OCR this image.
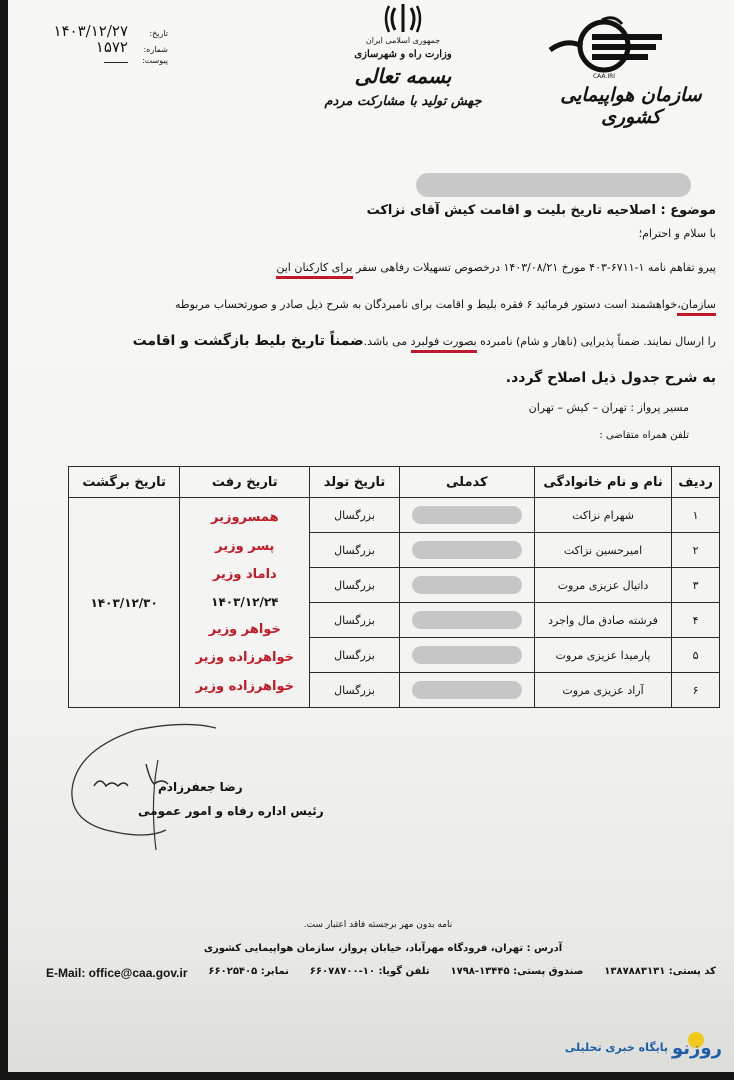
CAA.IRI
سازمان هواپیمایی کشوری
جمهوری اسلامی ایران
وزارت راه و شهرسازی
بسمه تعالی
جهش تولید با مشارکت مردم
تاریخ:
۱۴۰۳/۱۲/۲۷
شماره:
۱۵۷۲
پیوست:
موضوع : اصلاحیه تاریخ بلیت و اقامت کیش آقای نزاکت
با سلام و احترام؛
پیرو تفاهم نامه ۱-۶۷۱۱-۴۰۳ مورخ ۱۴۰۳/۰۸/۲۱ درخصوص تسهیلات رفاهی سفر برای کارکنان این
سازمان،خواهشمند است دستور فرمائید ۶ فقره بلیط و اقامت برای نامبردگان به شرح ذیل صادر و صورتحساب مربوطه
را ارسال نمایند. ضمناً پذیرایی (ناهار و شام) نامبرده بصورت فولبرد می باشد.ضمناً تاریخ بلیط بازگشت و اقامت
به شرح جدول ذیل اصلاح گردد.
مسیر پرواز : تهران – کیش – تهران
تلفن همراه متقاضی :
ردیف	نام و نام خانوادگی	کدملی	تاریخ تولد	تاریخ رفت	تاریخ برگشت
۱	شهرام نزاکت		بزرگسال	
همسروزیر
پسر وزیر
داماد وزیر
۱۴۰۳/۱۲/۲۴
خواهر وزیر
خواهرزاده وزیر
خواهرزاده وزیر
	۱۴۰۳/۱۲/۳۰
۲	امیرحسین نزاکت		بزرگسال		
۳	داتیال عزیزی مروت		بزرگسال		
۴	فرشته صادق مال واجرد		بزرگسال		
۵	پارمیدا عزیزی مروت		بزرگسال		
۶	آراد عزیزی مروت		بزرگسال		
رضا جعفرزادم
رئیس اداره رفاه و امور عمومی
نامه بدون مهر برجسته فاقد اعتبار ست.
آدرس : تهران، فرودگاه مهرآباد، خیابان پرواز، سازمان هواپیمایی کشوری
کد پستی: ۱۳۸۷۸۸۳۱۳۱
صندوق پستی: ۱۳۴۴۵-۱۷۹۸
تلفن گویا: ۱۰-۶۶۰۷۸۷۰۰
نمابر: ۶۶۰۲۵۴۰۵
E-Mail: office@caa.gov.ir
روزنو
پایگاه خبری تحلیلی
